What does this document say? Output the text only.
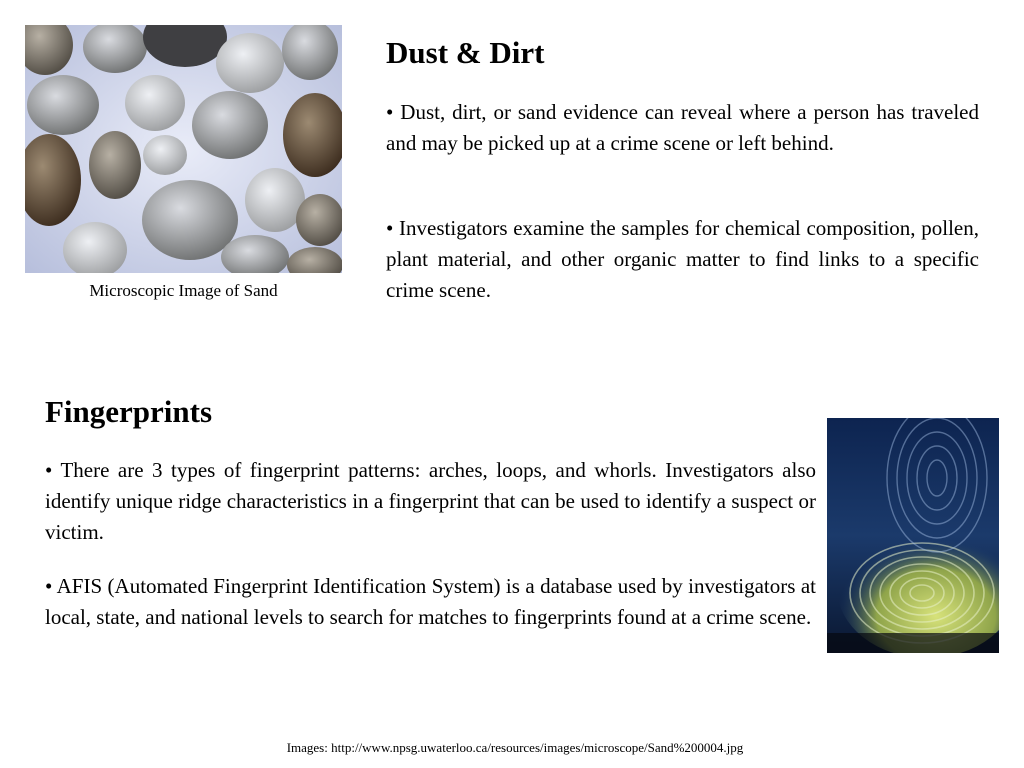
Microscopic Image of Sand
Dust & Dirt

• Dust, dirt, or sand evidence can reveal where a person has traveled and may be picked up at a crime scene or left behind.

• Investigators examine the samples for chemical composition, pollen, plant material, and other organic matter to find links to a specific crime scene.

Fingerprints

• There are 3 types of fingerprint patterns: arches, loops, and whorls. Investigators also identify unique ridge characteristics in a fingerprint that can be used to identify a suspect or victim.

• AFIS (Automated Fingerprint Identification System) is a database used by investigators at local, state, and national levels to search for matches to fingerprints found at a crime scene.

Images: http://www.npsg.uwaterloo.ca/resources/images/microscope/Sand%200004.jpg
